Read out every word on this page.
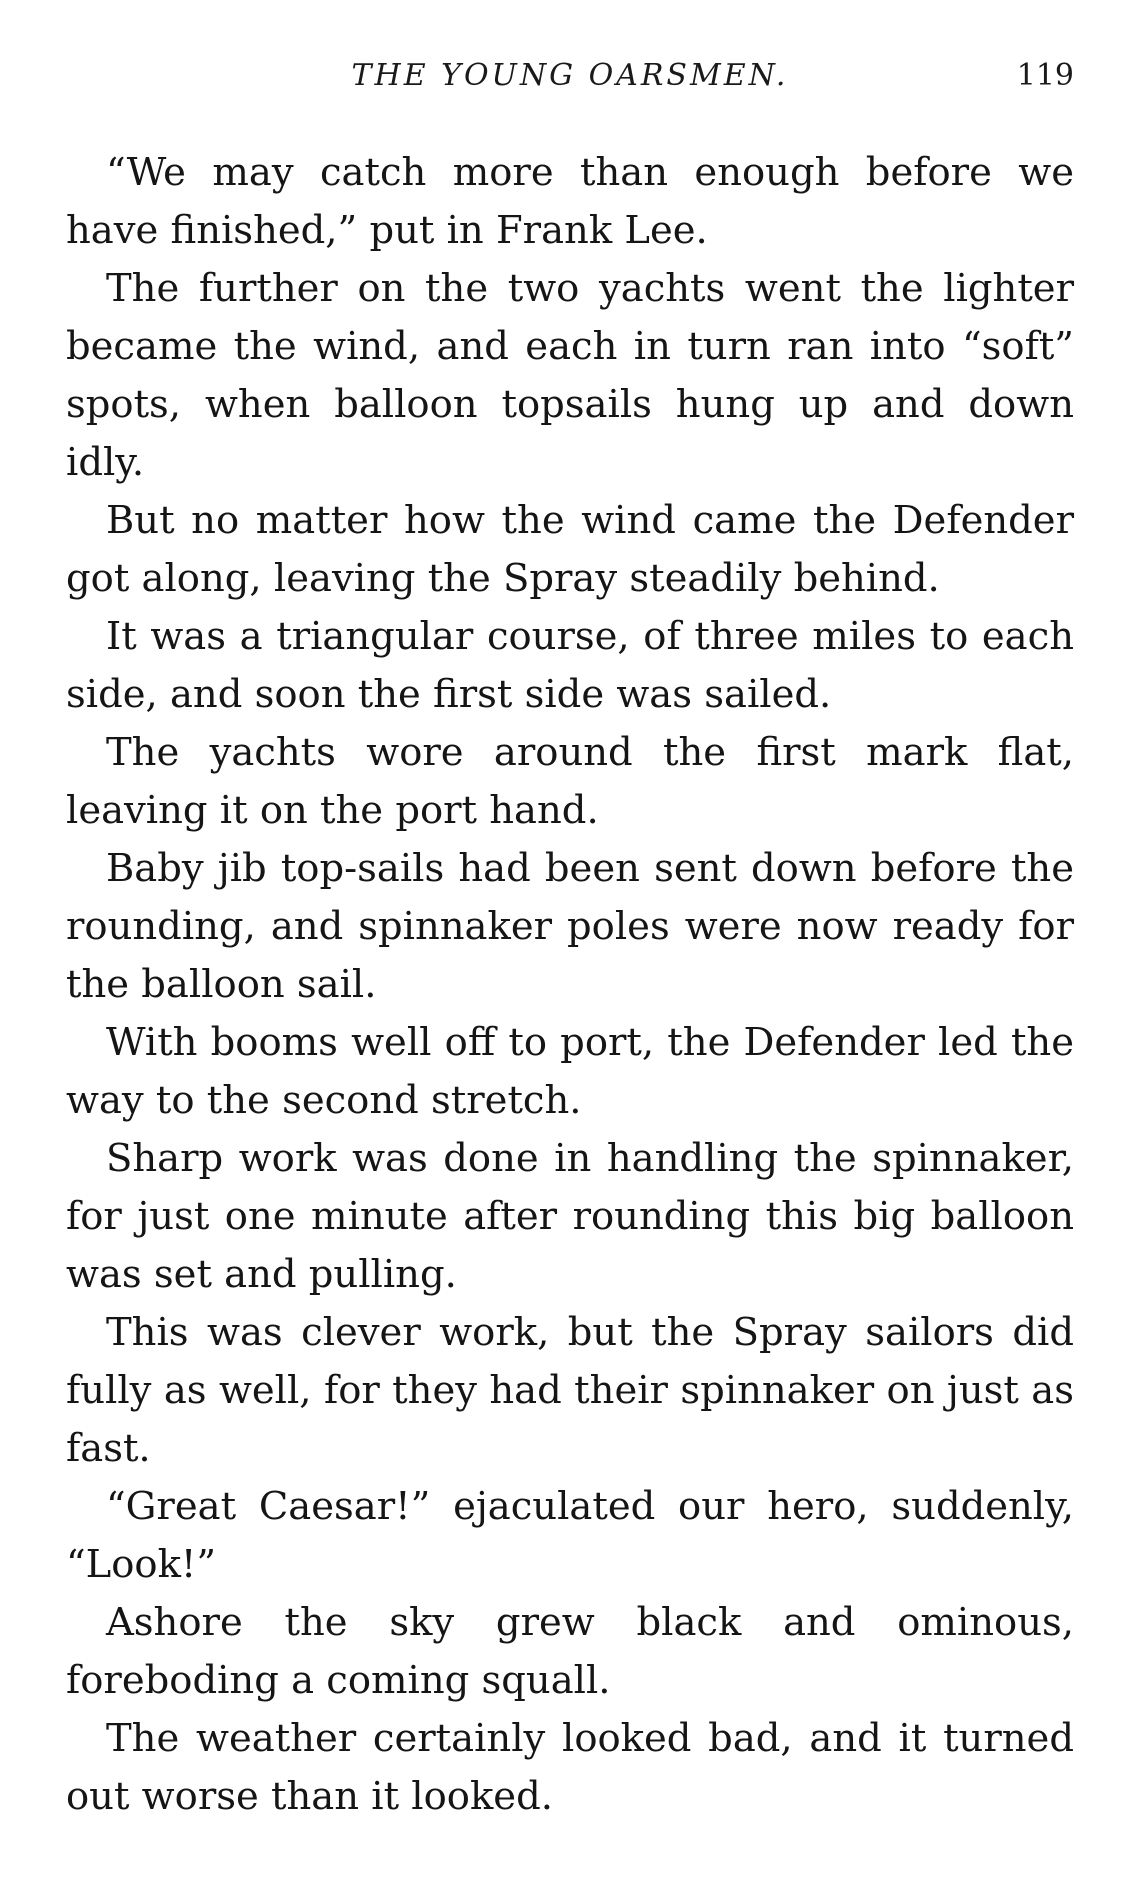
THE YOUNG OARSMEN.	119

“We may catch more than enough before we have finished,” put in Frank Lee.

The further on the two yachts went the lighter became the wind, and each in turn ran into “soft” spots, when balloon topsails hung up and down idly.

But no matter how the wind came the Defender got along, leaving the Spray steadily behind.

It was a triangular course, of three miles to each side, and soon the first side was sailed.

The yachts wore around the first mark flat, leaving it on the port hand.

Baby jib top-sails had been sent down before the rounding, and spinnaker poles were now ready for the balloon sail.

With booms well off to port, the Defender led the way to the second stretch.

Sharp work was done in handling the spinnaker, for just one minute after rounding this big balloon was set and pulling.

This was clever work, but the Spray sailors did fully as well, for they had their spinnaker on just as fast.

“Great Caesar!” ejaculated our hero, suddenly, “Look!”

Ashore the sky grew black and ominous, foreboding a coming squall.

The weather certainly looked bad, and it turned out worse than it looked.
